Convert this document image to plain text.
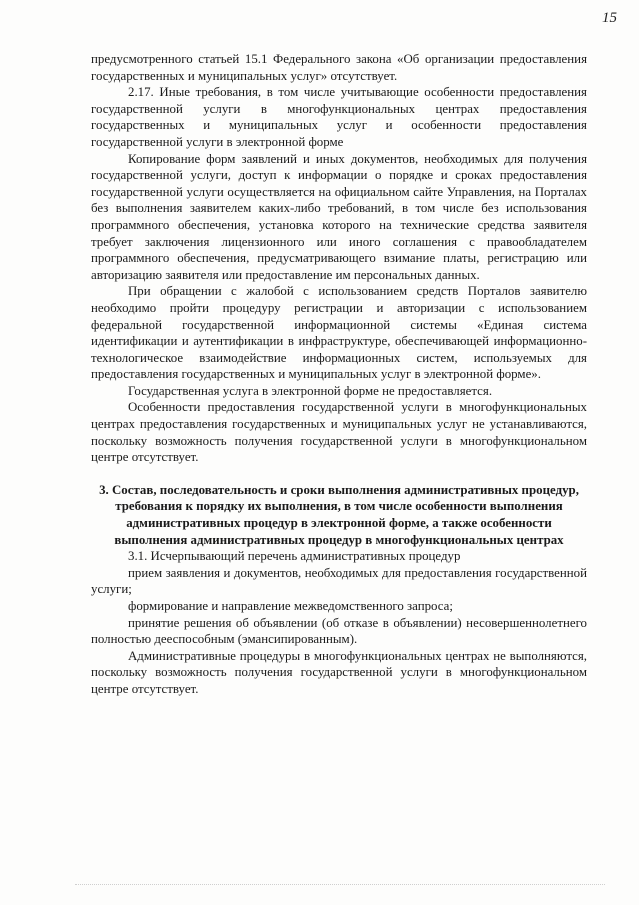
15

предусмотренного статьей 15.1 Федерального закона «Об организации предоставления государственных и муниципальных услуг» отсутствует.

2.17. Иные требования, в том числе учитывающие особенности предоставления государственной услуги в многофункциональных центрах предоставления государственных и муниципальных услуг и особенности предоставления государственной услуги в электронной форме

Копирование форм заявлений и иных документов, необходимых для получения государственной услуги, доступ к информации о порядке и сроках предоставления государственной услуги осуществляется на официальном сайте Управления, на Порталах без выполнения заявителем каких-либо требований, в том числе без использования программного обеспечения, установка которого на технические средства заявителя требует заключения лицензионного или иного соглашения с правообладателем программного обеспечения, предусматривающего взимание платы, регистрацию или авторизацию заявителя или предоставление им персональных данных.

При обращении с жалобой с использованием средств Порталов заявителю необходимо пройти процедуру регистрации и авторизации с использованием федеральной государственной информационной системы «Единая система идентификации и аутентификации в инфраструктуре, обеспечивающей информационно-технологическое взаимодействие информационных систем, используемых для предоставления государственных и муниципальных услуг в электронной форме».

Государственная услуга в электронной форме не предоставляется.

Особенности предоставления государственной услуги в многофункциональных центрах предоставления государственных и муниципальных услуг не устанавливаются, поскольку возможность получения государственной услуги в многофункциональном центре отсутствует.

3. Состав, последовательность и сроки выполнения административных процедур, требования к порядку их выполнения, в том числе особенности выполнения административных процедур в электронной форме, а также особенности выполнения административных процедур в многофункциональных центрах

3.1. Исчерпывающий перечень административных процедур

прием заявления и документов, необходимых для предоставления государственной услуги;

формирование и направление межведомственного запроса;

принятие решения об объявлении (об отказе в объявлении) несовершеннолетнего полностью дееспособным (эмансипированным).

Административные процедуры в многофункциональных центрах не выполняются, поскольку возможность получения государственной услуги в многофункциональном центре отсутствует.
